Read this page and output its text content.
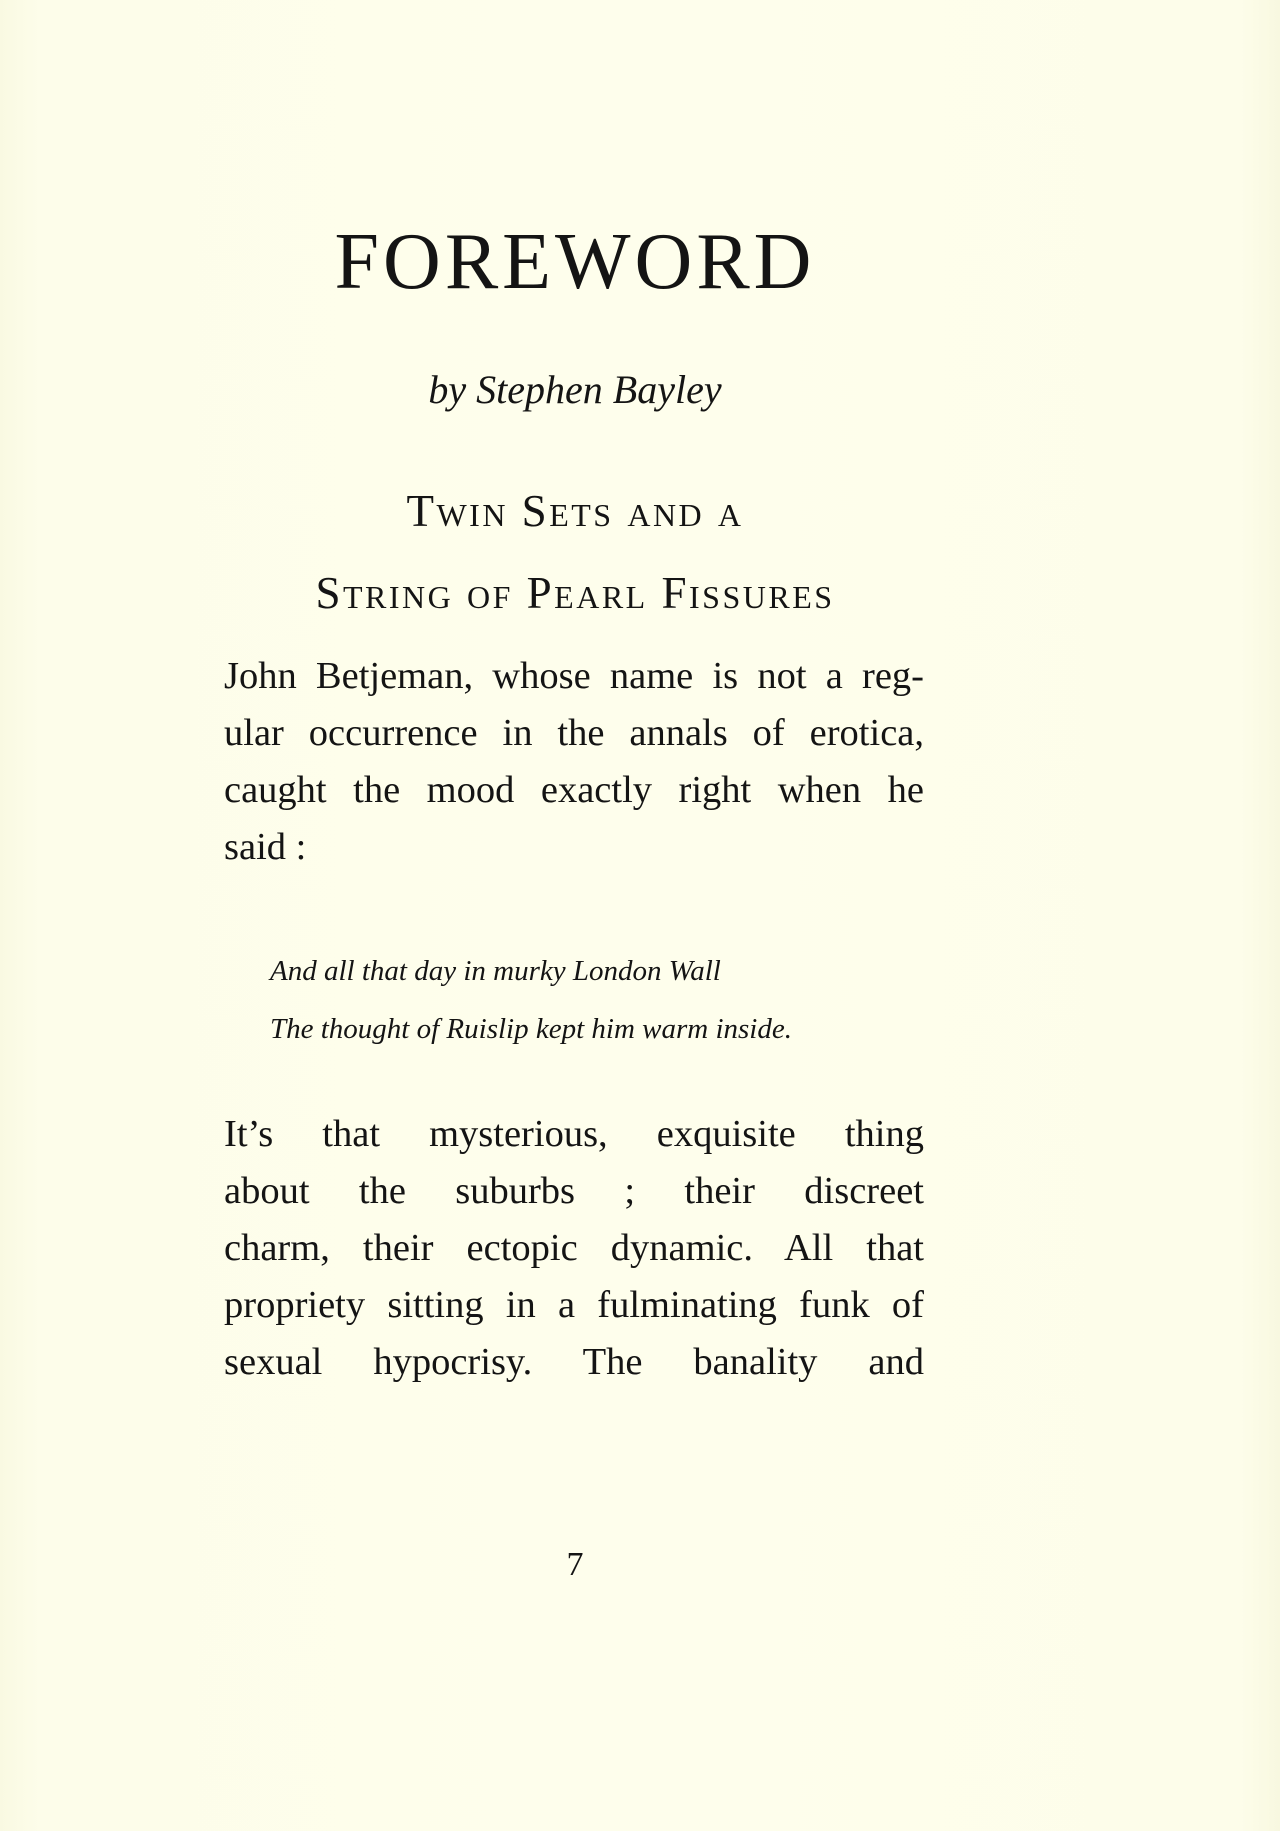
FOREWORD
by Stephen Bayley
Twin Sets and a
String of Pearl Fissures

John Betjeman, whose name is not a reg-
ular occurrence in the annals of erotica,
caught the mood exactly right when he
said :

And all that day in murky London Wall
The thought of Ruislip kept him warm inside.

It’s that mysterious, exquisite thing
about the suburbs ; their discreet
charm, their ectopic dynamic. All that
propriety sitting in a fulminating funk of
sexual hypocrisy. The banality and

7
